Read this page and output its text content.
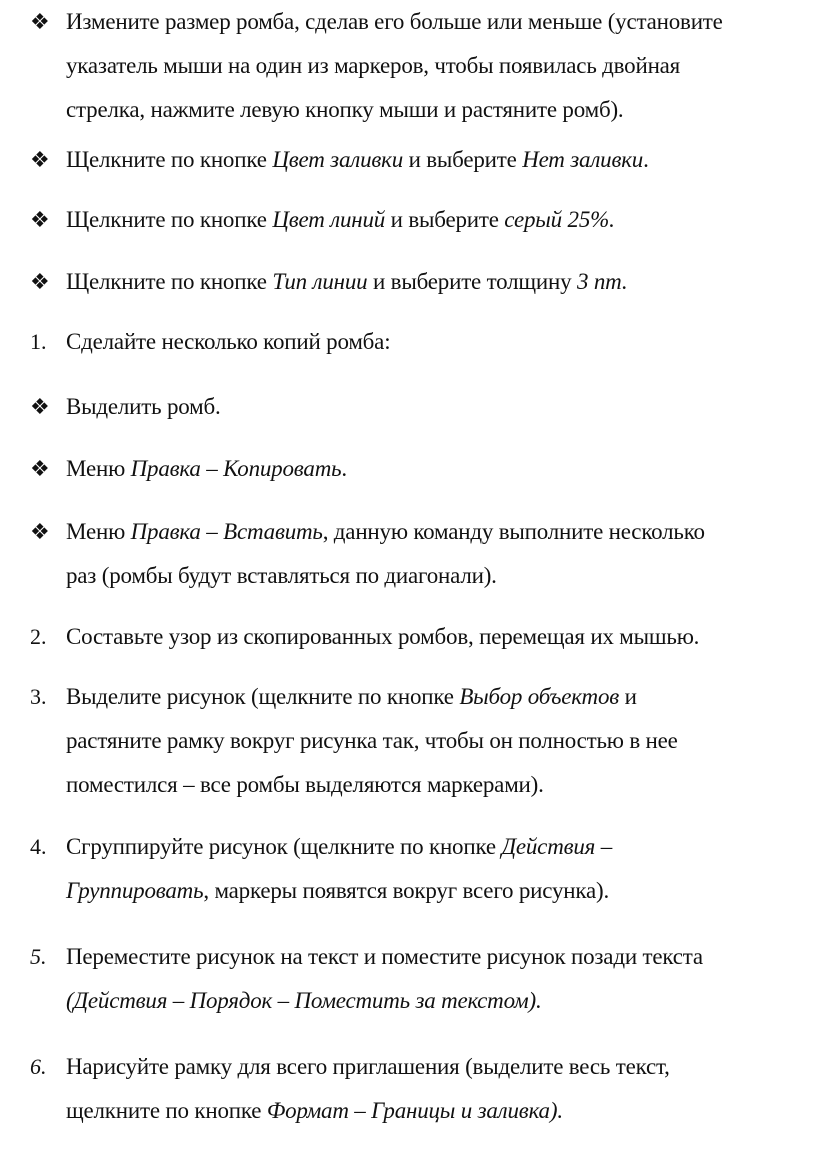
❖ Измените размер ромба, сделав его больше или меньше (установите
указатель мыши на один из маркеров, чтобы появилась двойная
стрелка, нажмите левую кнопку мыши и растяните ромб).
❖ Щелкните по кнопке Цвет заливки и выберите Нет заливки.
❖ Щелкните по кнопке Цвет линий и выберите серый 25%.
❖ Щелкните по кнопке Тип линии и выберите толщину 3 пт.
1. Сделайте несколько копий ромба:
❖ Выделить ромб.
❖ Меню Правка – Копировать.
❖ Меню Правка – Вставить, данную команду выполните несколько
раз (ромбы будут вставляться по диагонали).
2. Составьте узор из скопированных ромбов, перемещая их мышью.
3. Выделите рисунок (щелкните по кнопке Выбор объектов и
растяните рамку вокруг рисунка так, чтобы он полностью в нее
поместился – все ромбы выделяются маркерами).
4. Сгруппируйте рисунок (щелкните по кнопке Действия –
Группировать, маркеры появятся вокруг всего рисунка).
5. Переместите рисунок на текст и поместите рисунок позади текста
(Действия – Порядок – Поместить за текстом).
6. Нарисуйте рамку для всего приглашения (выделите весь текст,
щелкните по кнопке Формат – Границы и заливка).
